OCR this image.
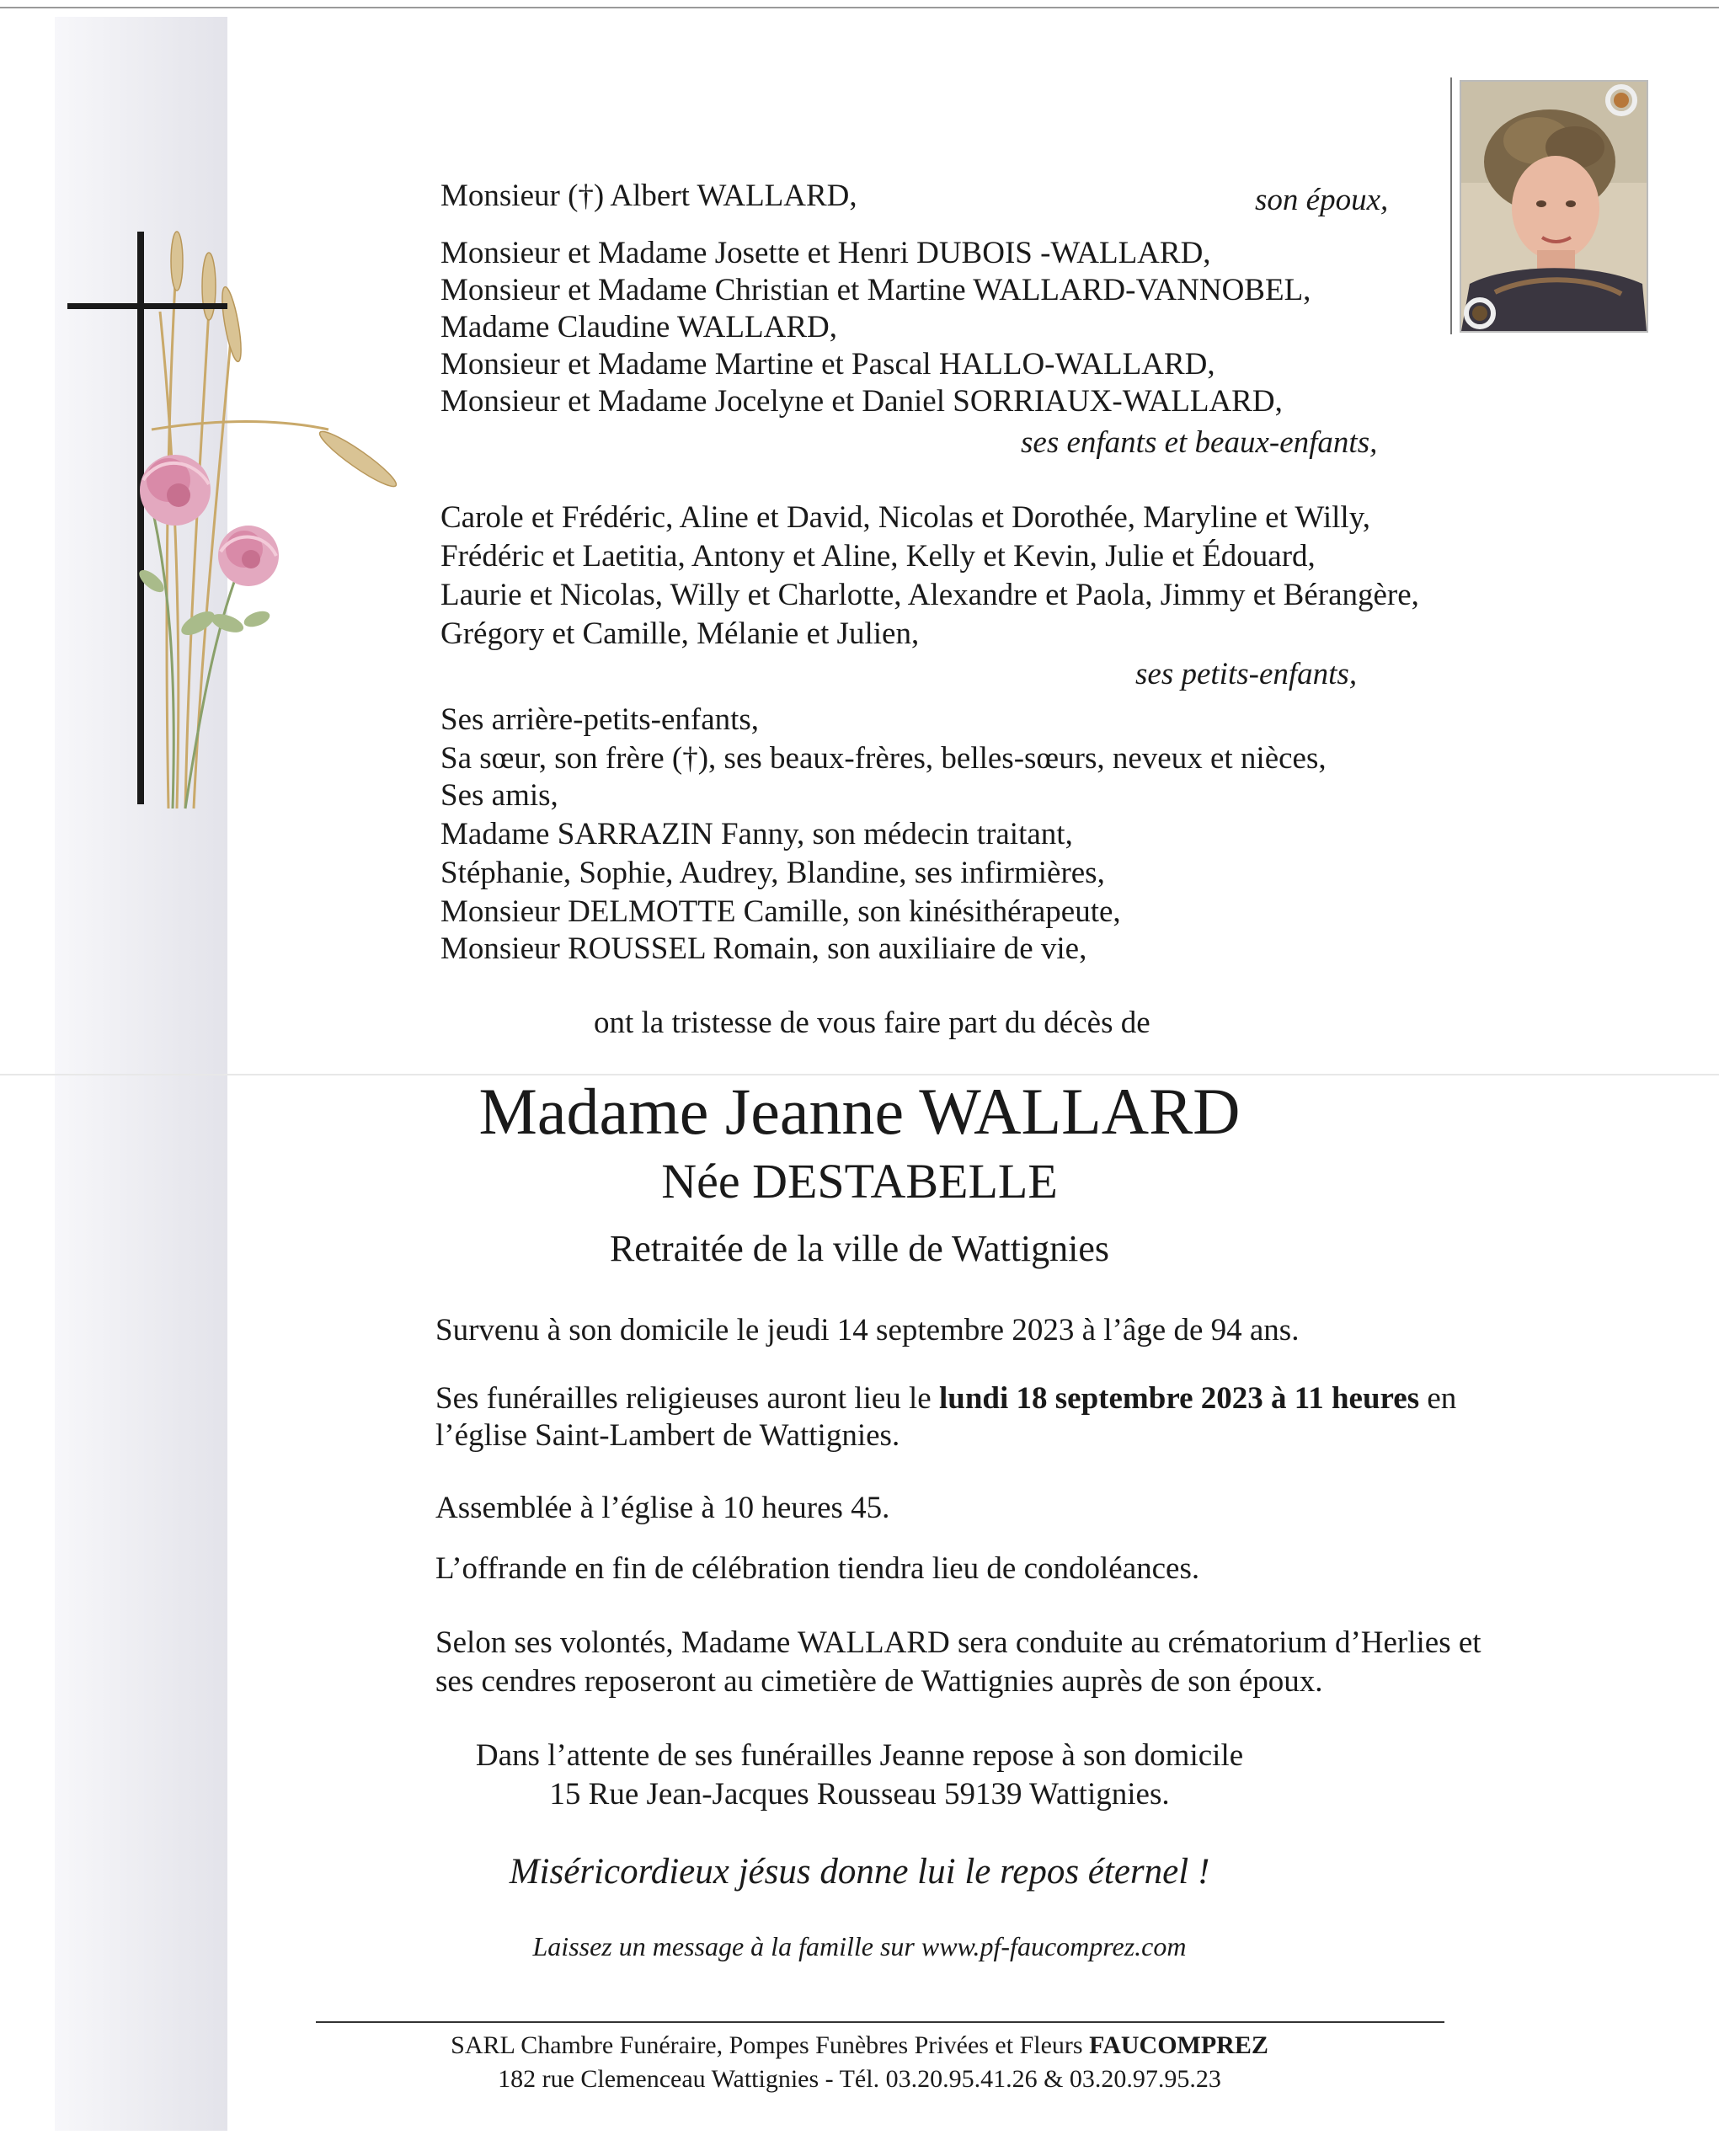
Monsieur (†) Albert WALLARD,	son époux,
Monsieur et Madame Josette et Henri DUBOIS -WALLARD,
Monsieur et Madame Christian et Martine WALLARD-VANNOBEL,
Madame Claudine WALLARD,
Monsieur et Madame Martine et Pascal HALLO-WALLARD,
Monsieur et Madame Jocelyne et Daniel SORRIAUX-WALLARD,
ses enfants et beaux-enfants,
Carole et Frédéric, Aline et David, Nicolas et Dorothée, Maryline et Willy,
Frédéric et Laetitia, Antony et Aline, Kelly et Kevin, Julie et Édouard,
Laurie et Nicolas, Willy et Charlotte, Alexandre et Paola, Jimmy et Bérangère,
Grégory et Camille, Mélanie et Julien,
ses petits-enfants,
Ses arrière-petits-enfants,
Sa sœur, son frère (†), ses beaux-frères, belles-sœurs, neveux et nièces,
Ses amis,
Madame SARRAZIN Fanny, son médecin traitant,
Stéphanie, Sophie, Audrey, Blandine, ses infirmières,
Monsieur DELMOTTE Camille, son kinésithérapeute,
Monsieur ROUSSEL Romain, son auxiliaire de vie,
ont la tristesse de vous faire part du décès de
Madame Jeanne WALLARD
Née DESTABELLE
Retraitée de la ville de Wattignies
Survenu à son domicile le jeudi 14 septembre 2023 à l’âge de 94 ans.
Ses funérailles religieuses auront lieu le lundi 18 septembre 2023 à 11 heures en
l’église Saint-Lambert de Wattignies.
Assemblée à l’église à 10 heures 45.
L’offrande en fin de célébration tiendra lieu de condoléances.
Selon ses volontés, Madame WALLARD sera conduite au crématorium d’Herlies et
ses cendres reposeront au cimetière de Wattignies auprès de son époux.
Dans l’attente de ses funérailles Jeanne repose à son domicile
15 Rue Jean-Jacques Rousseau 59139 Wattignies.
Miséricordieux jésus donne lui le repos éternel !
Laissez un message à la famille sur www.pf-faucomprez.com
SARL Chambre Funéraire, Pompes Funèbres Privées et Fleurs FAUCOMPREZ
182 rue Clemenceau Wattignies - Tél. 03.20.95.41.26 & 03.20.97.95.23
